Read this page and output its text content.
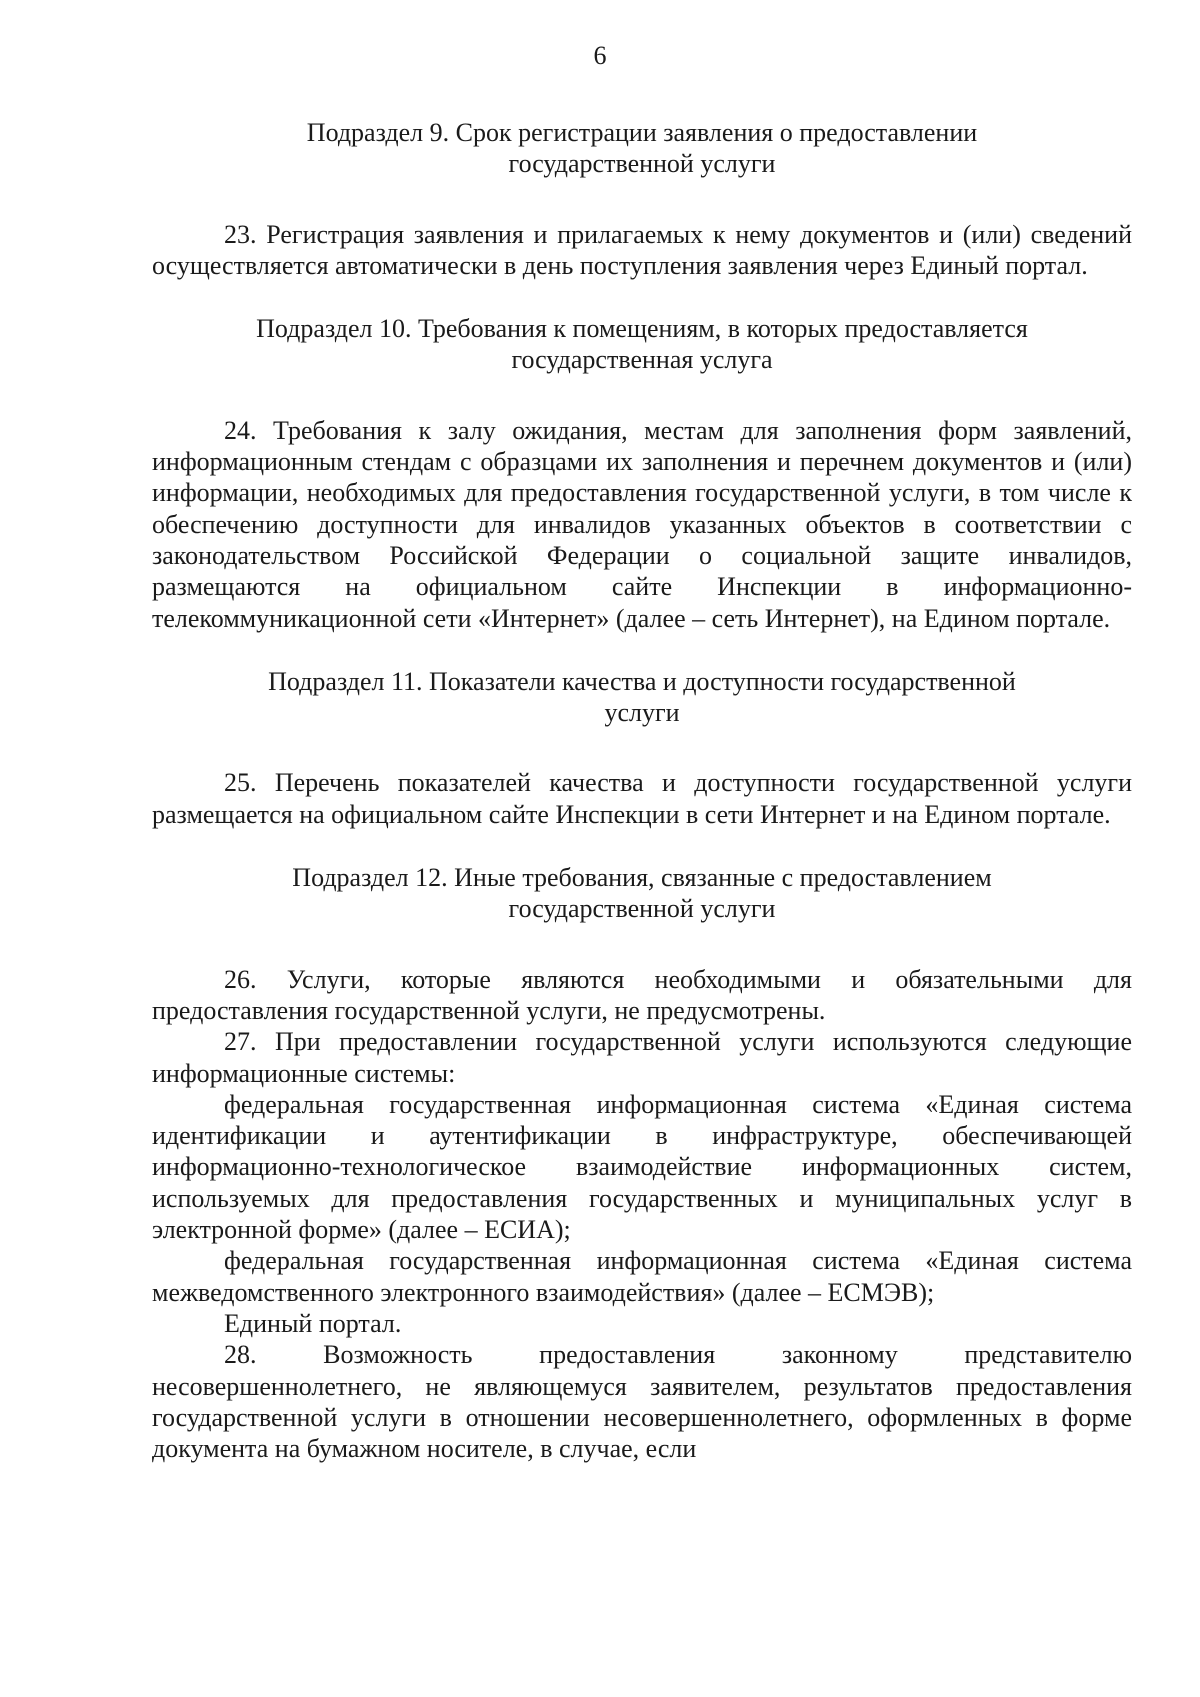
6
Подраздел 9. Срок регистрации заявления о предоставлении
государственной услуги

23. Регистрация заявления и прилагаемых к нему документов и (или) сведений осуществляется автоматически в день поступления заявления через Единый портал.

Подраздел 10. Требования к помещениям, в которых предоставляется
государственная услуга

24. Требования к залу ожидания, местам для заполнения форм заявлений, информационным стендам с образцами их заполнения и перечнем документов и (или) информации, необходимых для предоставления государственной услуги, в том числе к обеспечению доступности для инвалидов указанных объектов в соответствии с законодательством Российской Федерации о социальной защите инвалидов, размещаются на официальном сайте Инспекции в информационно-телекоммуникационной сети «Интернет» (далее – сеть Интернет), на Едином портале.

Подраздел 11. Показатели качества и доступности государственной
услуги

25. Перечень показателей качества и доступности государственной услуги размещается на официальном сайте Инспекции в сети Интернет и на Едином портале.

Подраздел 12. Иные требования, связанные с предоставлением
государственной услуги

26. Услуги, которые являются необходимыми и обязательными для предоставления государственной услуги, не предусмотрены.

27. При предоставлении государственной услуги используются следующие информационные системы:

федеральная государственная информационная система «Единая система идентификации и аутентификации в инфраструктуре, обеспечивающей информационно-технологическое взаимодействие информационных систем, используемых для предоставления государственных и муниципальных услуг в электронной форме» (далее – ЕСИА);

федеральная государственная информационная система «Единая система межведомственного электронного взаимодействия» (далее – ЕСМЭВ);

Единый портал.

28. Возможность предоставления законному представителю несовершеннолетнего, не являющемуся заявителем, результатов предоставления государственной услуги в отношении несовершеннолетнего, оформленных в форме документа на бумажном носителе, в случае, если
